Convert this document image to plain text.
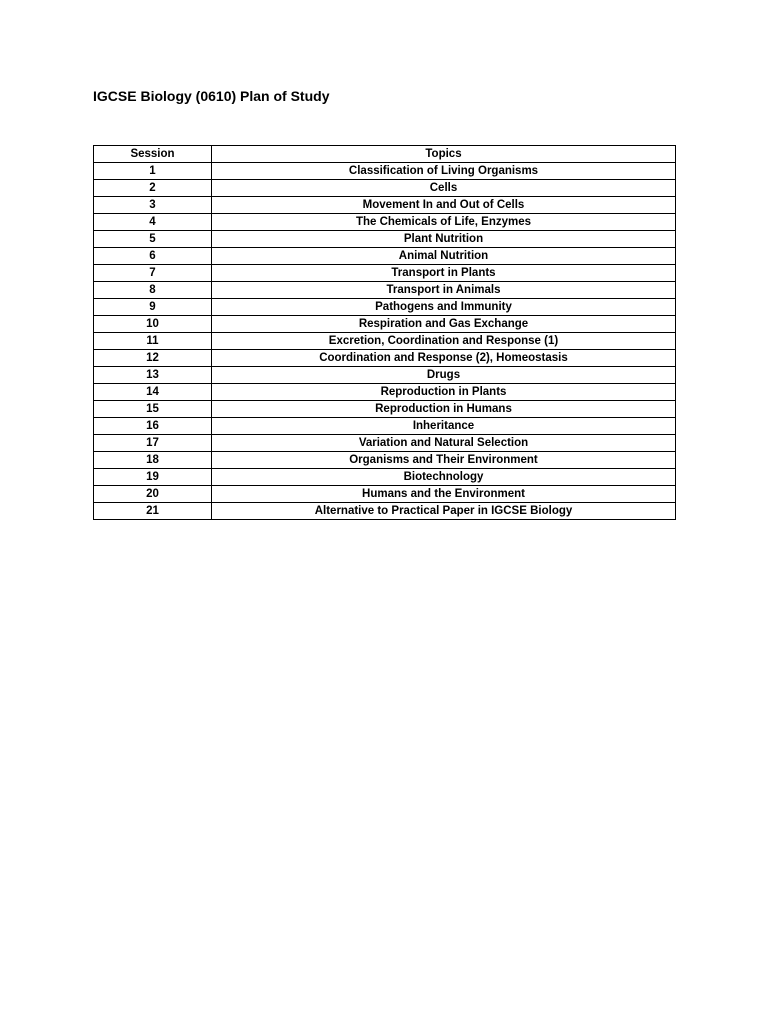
IGCSE Biology (0610) Plan of Study
Session	Topics
1	Classification of Living Organisms
2	Cells
3	Movement In and Out of Cells
4	The Chemicals of Life, Enzymes
5	Plant Nutrition
6	Animal Nutrition
7	Transport in Plants
8	Transport in Animals
9	Pathogens and Immunity
10	Respiration and Gas Exchange
11	Excretion, Coordination and Response (1)
12	Coordination and Response (2), Homeostasis
13	Drugs
14	Reproduction in Plants
15	Reproduction in Humans
16	Inheritance
17	Variation and Natural Selection
18	Organisms and Their Environment
19	Biotechnology
20	Humans and the Environment
21	Alternative to Practical Paper in IGCSE Biology
